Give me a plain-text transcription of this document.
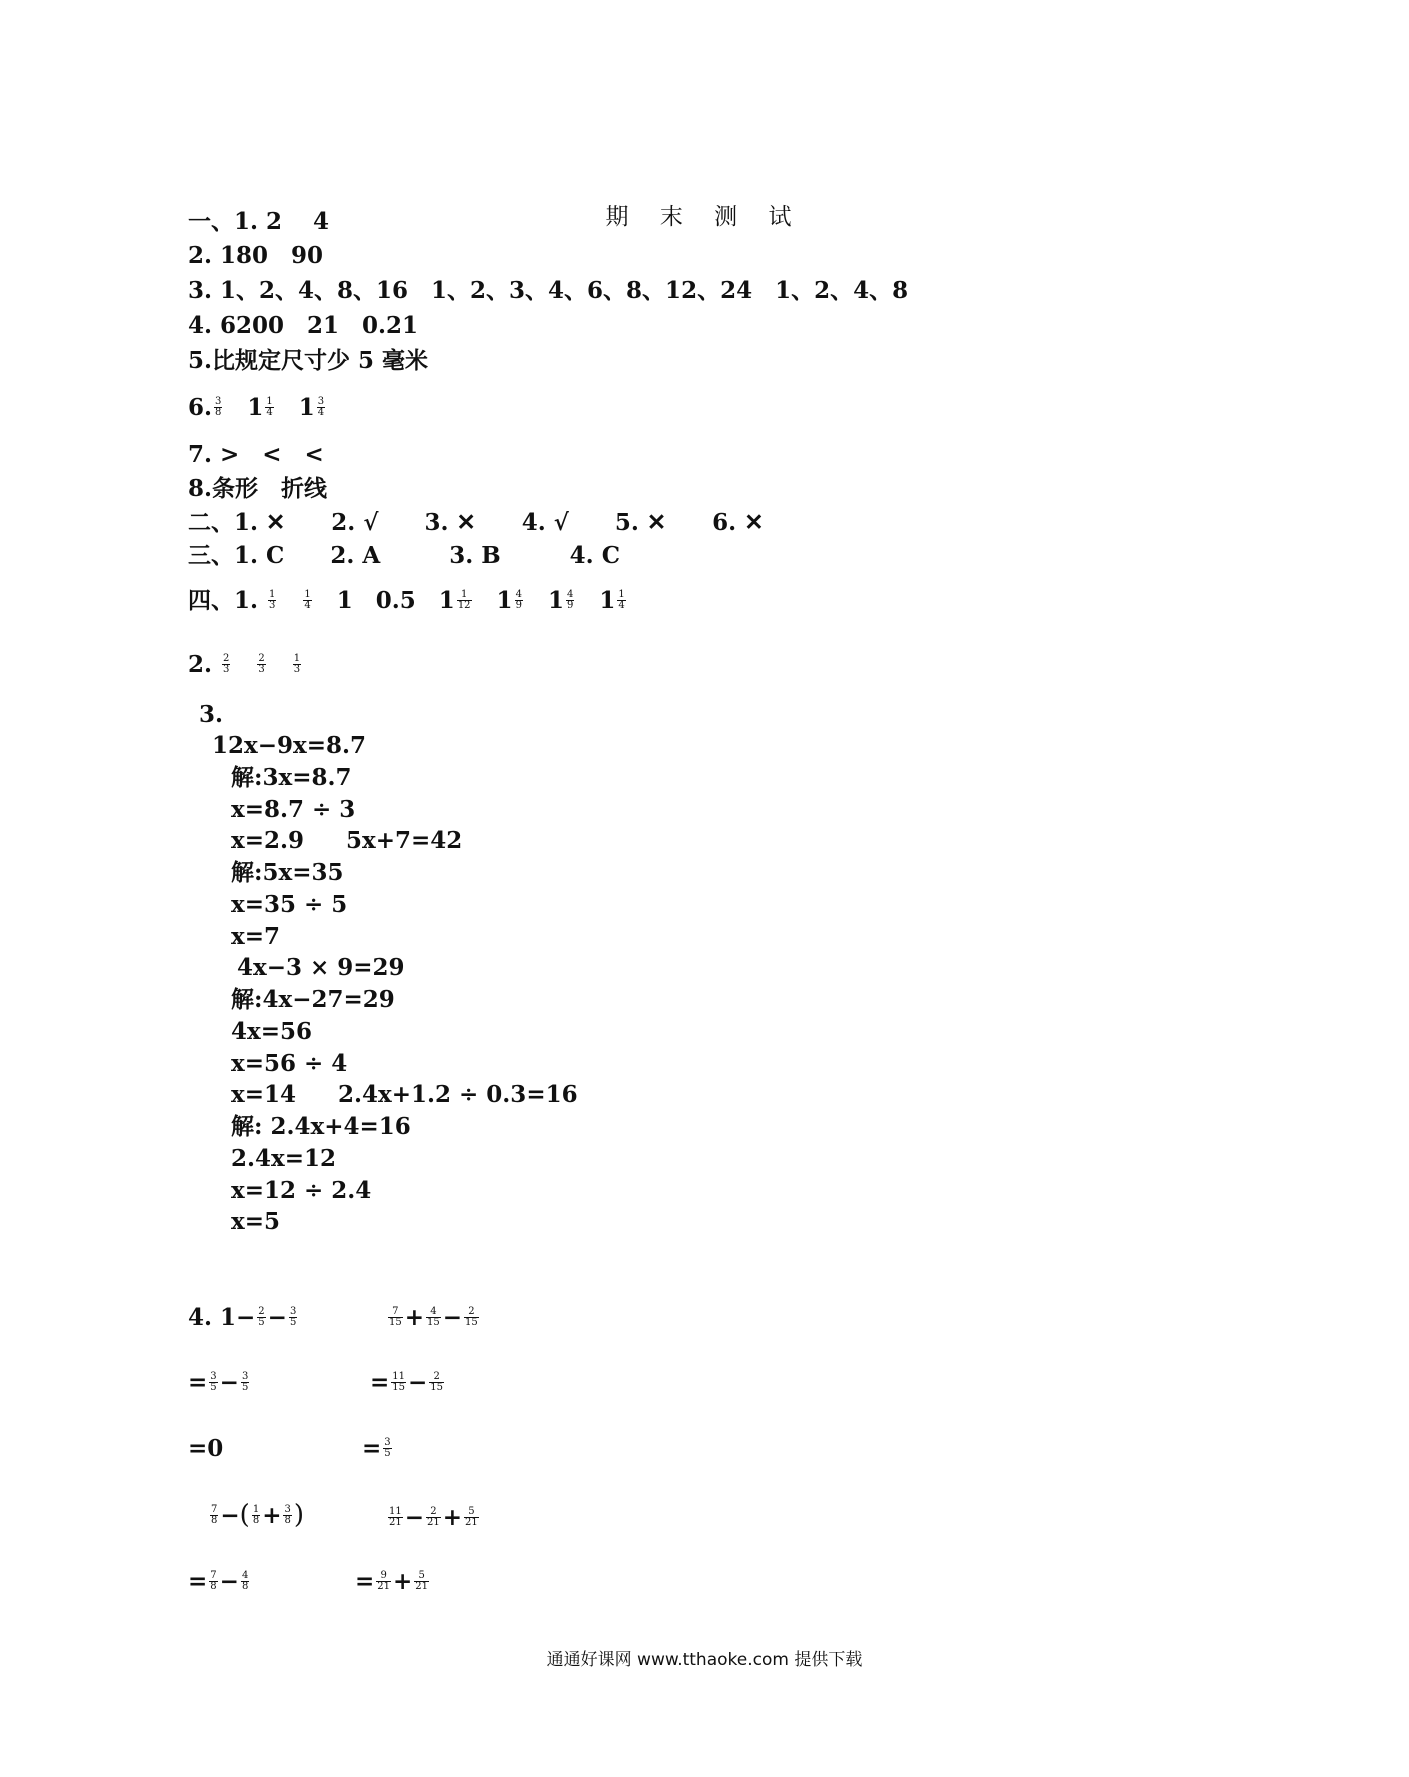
期 末 测 试
一、1. 2　 4
2. 180　90
3. 1、2、4、8、16　1、2、3、4、6、8、12、24　1、2、4、8
4. 6200　21　0.21
5.比规定尺寸少 5 毫米
6. $\frac{3}{8}$ 　$1 \frac{1}{4}$ 　$1 \frac{3}{4}$
7. >　<　<
8.条形　折线
二、1. ✕　　 2. √　　 3. ✕　　 4. √　　 5. ✕　　 6. ✕
三、1. C　　 2. A　　　	3. B　　　	4. C
四、1. $\frac{1}{3}$
　	$\frac{1}{4}$ 　1　0.5　$1 \frac{1}{12}$ 　$1 \frac{4}{9}$ 　$1 \frac{4}{9}$ 　$1 \frac{1}{4}$
2. $\frac{2}{3}$
　	$\frac{2}{3}$
　	$\frac{1}{3}$
3.
12x−9x=8.7
解:3x=8.7
x=8.7 ÷ 3
x=2.9 5x+7=42
解:5x=35
x=35 ÷ 5
x=7
4x−3 × 9=29
解:4x−27=29
4x=56
x=56 ÷ 4
x=14 2.4x+1.2 ÷ 0.3=16
解: 2.4x+4=16
2.4x=12
x=12 ÷ 2.4
x=5
4. $1- \frac{2}{5} - \frac{3}{5}$	$\frac{7}{15} + \frac{4}{15} - \frac{2}{15}$
= $\frac{3}{5} - \frac{3}{5}$	= $\frac{11}{15} - \frac{2}{15}$
=0	= $\frac{3}{5}$
$\frac{7}{8}$ −( $\frac{1}{8} + \frac{3}{8}$ )	$\frac{11}{21} - \frac{2}{21} + \frac{5}{21}$
= $\frac{7}{8} - \frac{4}{8}$	= $\frac{9}{21} + \frac{5}{21}$
通通好课网 www.tthaoke.com 提供下载
